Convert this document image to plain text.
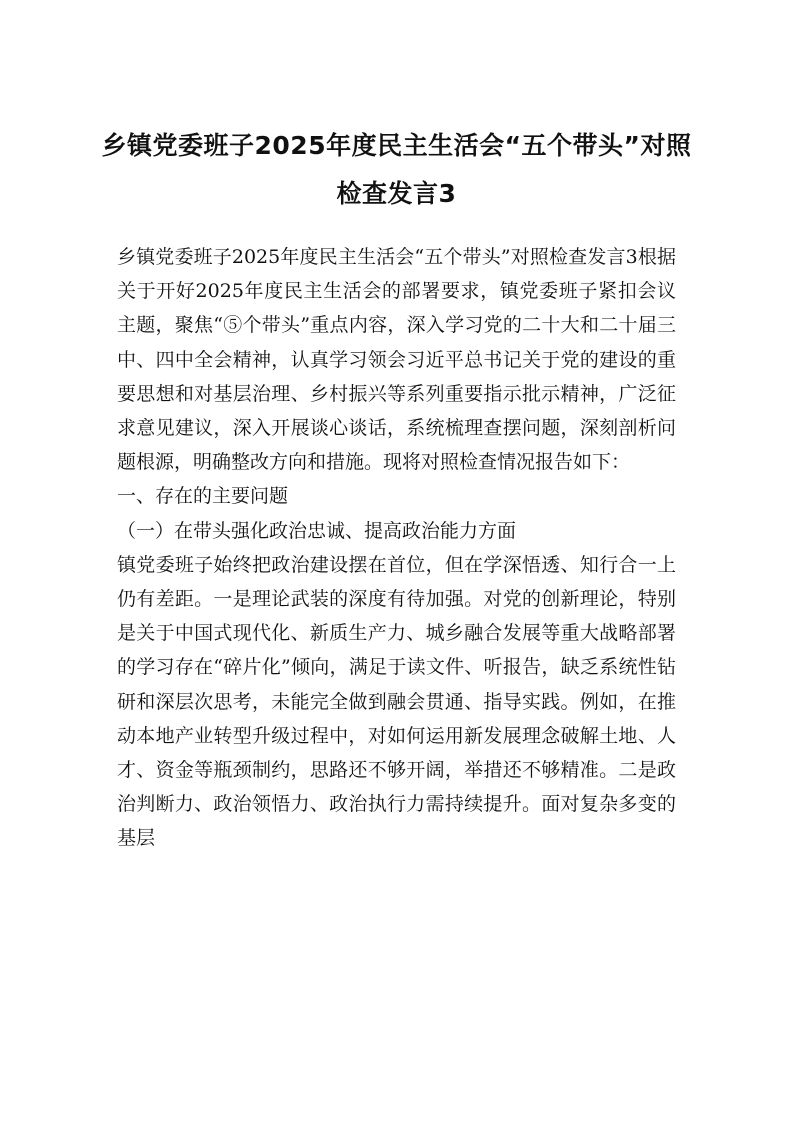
乡镇党委班子2025年度民主生活会“五个带头”对照检查发言3

乡镇党委班子2025年度民主生活会“五个带头”对照检查发言3根据关于开好2025年度民主生活会的部署要求，镇党委班子紧扣会议主题，聚焦“⑤个带头”重点内容，深入学习党的二十大和二十届三中、四中全会精神，认真学习领会习近平总书记关于党的建设的重要思想和对基层治理、乡村振兴等系列重要指示批示精神，广泛征求意见建议，深入开展谈心谈话，系统梳理查摆问题，深刻剖析问题根源，明确整改方向和措施。现将对照检查情况报告如下：

一、存在的主要问题

（一）在带头强化政治忠诚、提高政治能力方面

镇党委班子始终把政治建设摆在首位，但在学深悟透、知行合一上仍有差距。一是理论武装的深度有待加强。对党的创新理论，特别是关于中国式现代化、新质生产力、城乡融合发展等重大战略部署的学习存在“碎片化”倾向，满足于读文件、听报告，缺乏系统性钻研和深层次思考，未能完全做到融会贯通、指导实践。例如，在推动本地产业转型升级过程中，对如何运用新发展理念破解土地、人才、资金等瓶颈制约，思路还不够开阔，举措还不够精准。二是政治判断力、政治领悟力、政治执行力需持续提升。面对复杂多变的基层
